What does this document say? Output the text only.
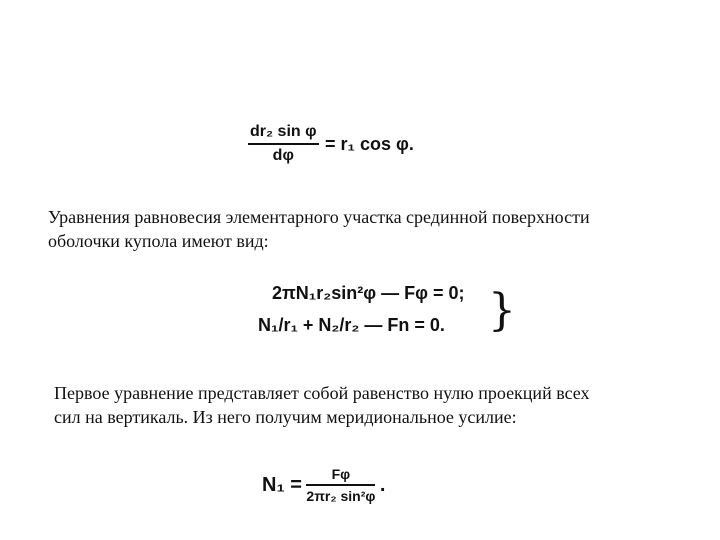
$\frac{\text{dr₂ sin φ}}{d\varphi} = r_1$ cos φ.
Уравнения равновесия элементарного участка срединной поверхности
оболочки купола имеют вид:
2πN₁r₂sin²φ — Fφ = 0;
N₁/r₁ + N₂/r₂ — Fn = 0. }
Первое уравнение представляет собой равенство нулю проекций всех
сил на вертикаль. Из него получим меридиональное усилие:
$N_1 = \frac{F\varphi}{\text{2πr₂ sin²φ}}$ .
